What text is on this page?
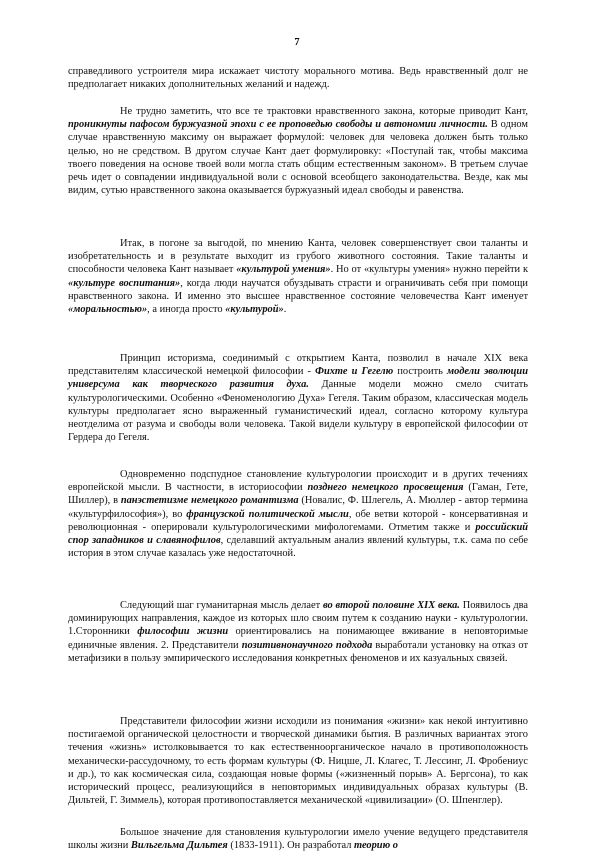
7

справедливого устроителя мира искажает чистоту морального мотива. Ведь нравственный долг не предполагает никаких дополнительных желаний и надежд.

Не трудно заметить, что все те трактовки нравственного закона, которые приводит Кант, проникнуты пафосом буржуазной эпохи с ее проповедью свободы и автономии личности. В одном случае нравственную максиму он выражает формулой: человек для человека должен быть только целью, но не средством. В другом случае Кант дает формулировку: «Поступай так, чтобы максима твоего поведения на основе твоей воли могла стать общим естественным законом». В третьем случае речь идет о совпадении индивидуальной воли с основой всеобщего законодательства. Везде, как мы видим, сутью нравственного закона оказывается буржуазный идеал свободы и равенства.

Итак, в погоне за выгодой, по мнению Канта, человек совершенствует свои таланты и изобретательность и в результате выходит из грубого животного состояния. Такие таланты и способности человека Кант называет «культурой умения». Но от «культуры умения» нужно перейти к «культуре воспитания», когда люди научатся обуздывать страсти и ограничивать себя при помощи нравственного закона. И именно это высшее нравственное состояние человечества Кант именует «моральностью», а иногда просто «культурой».

Принцип историзма, соединимый с открытием Канта, позволил в начале XIX века представителям классической немецкой философии - Фихте и Гегелю построить модели эволюции универсума как творческого развития духа. Данные модели можно смело считать культурологическими. Особенно «Феноменологию Духа» Гегеля. Таким образом, классическая модель культуры предполагает ясно выраженный гуманистический идеал, согласно которому культура неотделима от разума и свободы воли человека. Такой видели культуру в европейской философии от Гердера до Гегеля.

Одновременно подспудное становление культурологии происходит и в других течениях европейской мысли. В частности, в историософии позднего немецкого просвещения (Гаман, Гете, Шиллер), в панэстетизме немецкого романтизма (Новалис, Ф. Шлегель, А. Мюллер - автор термина «культурфилософия»), во французской политической мысли, обе ветви которой - консервативная и революционная - оперировали культурологическими мифологемами. Отметим также и российский спор западников и славянофилов, сделавший актуальным анализ явлений культуры, т.к. сама по себе история в этом случае казалась уже недостаточной.

Следующий шаг гуманитарная мысль делает во второй половине XIX века. Появилось два доминирующих направления, каждое из которых шло своим путем к созданию науки - культурологии. 1.Сторонники философии жизни ориентировались на понимающее вживание в неповторимые единичные явления. 2. Представители позитивнонаучного подхода выработали установку на отказ от метафизики в пользу эмпирического исследования конкретных феноменов и их казуальных связей.

Представители философии жизни исходили из понимания «жизни» как некой интуитивно постигаемой органической целостности и творческой динамики бытия. В различных вариантах этого течения «жизнь» истолковывается то как естественноорганическое начало в противоположность механически-рассудочному, то есть формам культуры (Ф. Ницше, Л. Клагес, Т. Лессинг, Л. Фробениус и др.), то как космическая сила, создающая новые формы («жизненный порыв» А. Бергсона), то как исторический процесс, реализующийся в неповторимых индивидуальных образах культуры (В. Дильтей, Г. Зиммель), которая противопоставляется механической «цивилизации» (О. Шпенглер).

Большое значение для становления культурологии имело учение ведущего представителя школы жизни Вильгельма Дильтея (1833-1911). Он разработал теорию о
